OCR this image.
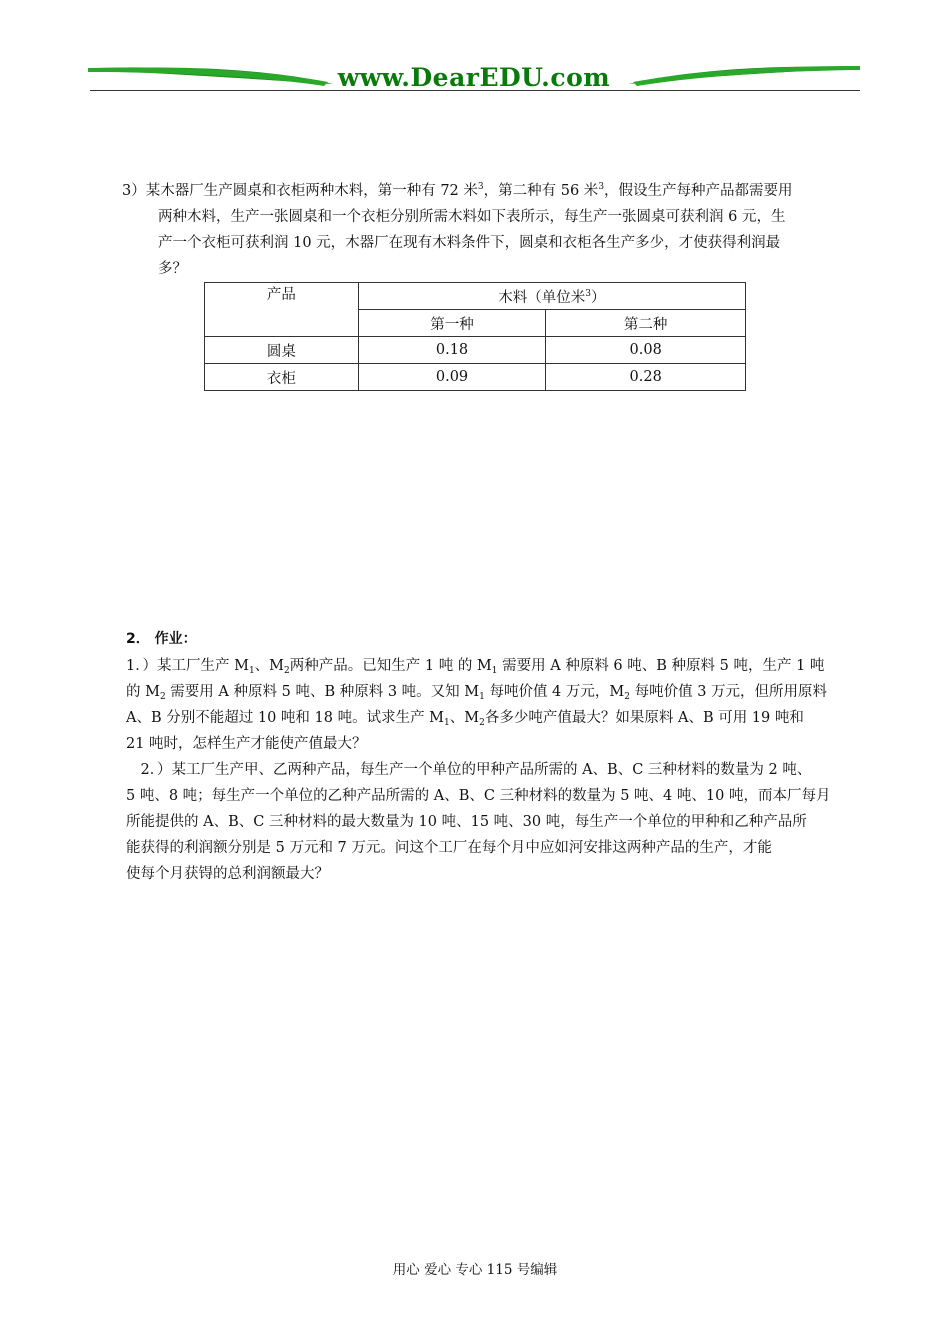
www.DearEDU.com
3）某木器厂生产圆桌和衣柜两种木料，第一种有 72 米$^3$，第二种有 56 米$^3$，假设生产每种产品都需要用
两种木料，生产一张圆桌和一个衣柜分别所需木料如下表所示，每生产一张圆桌可获利润 6 元，生
产一个衣柜可获利润 10 元，木器厂在现有木料条件下，圆桌和衣柜各生产多少，才使获得利润最
多？
产品	木料（单位米$^3$）	
	第一种	第二种
圆桌	0.18	0.08
衣柜	0.09	0.28
2． 作业：
1．）某工厂生产 $M_1$、$M_2$两种产品。已知生产 1 吨 的 $M_1$ 需要用 A 种原料 6 吨、B 种原料 5 吨，生产 1 吨
的 $M_2$ 需要用 A 种原料 5 吨、B 种原料 3 吨。又知 $M_1$ 每吨价值 4 万元，$M_2$ 每吨价值 3 万元，但所用原料
A、B 分别不能超过 10 吨和 18 吨。试求生产 $M_1$、$M_2$各多少吨产值最大？如果原料 A、B 可用 19 吨和
21 吨时，怎样生产才能使产值最大？
　2．）某工厂生产甲、乙两种产品，每生产一个单位的甲种产品所需的 A、B、C 三种材料的数量为 2 吨、
5 吨、8 吨；每生产一个单位的乙种产品所需的 A、B、C 三种材料的数量为 5 吨、4 吨、10 吨，而本厂每月
所能提供的 A、B、C 三种材料的最大数量为 10 吨、15 吨、30 吨，每生产一个单位的甲种和乙种产品所
能获得的利润额分别是 5 万元和 7 万元。问这个工厂在每个月中应如河安排这两种产品的生产，才能
使每个月获锝的总利润额最大？
用心 爱心 专心 115 号编辑
